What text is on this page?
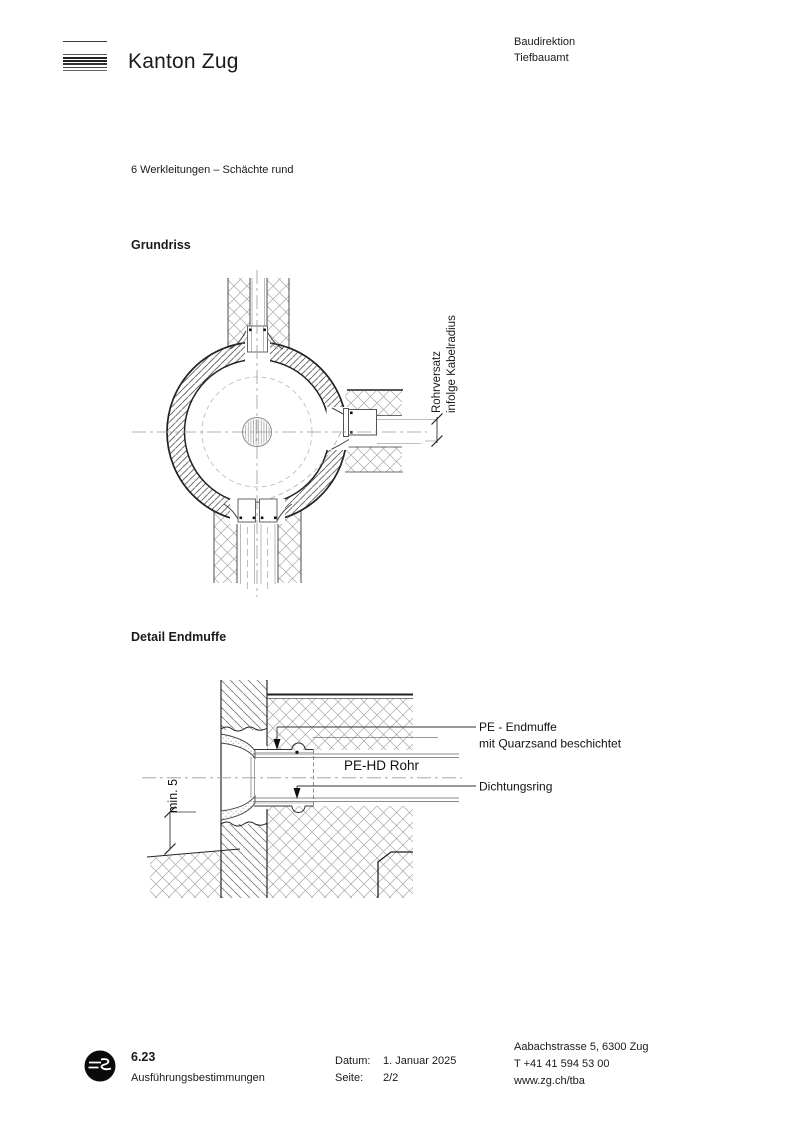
Kanton Zug
Baudirektion
Tiefbauamt
6 Werkleitungen – Schächte rund
Grundriss
Rohrversatz infolge Kabelradius
Detail Endmuffe
PE-HD Rohr
PE - Endmuffe
mit Quarzsand beschichtet
Dichtungsring
min. 5
6.23
Ausführungsbestimmungen
Datum: 1. Januar 2025
Seite: 2/2
Aabachstrasse 5, 6300 Zug
T +41 41 594 53 00
www.zg.ch/tba
